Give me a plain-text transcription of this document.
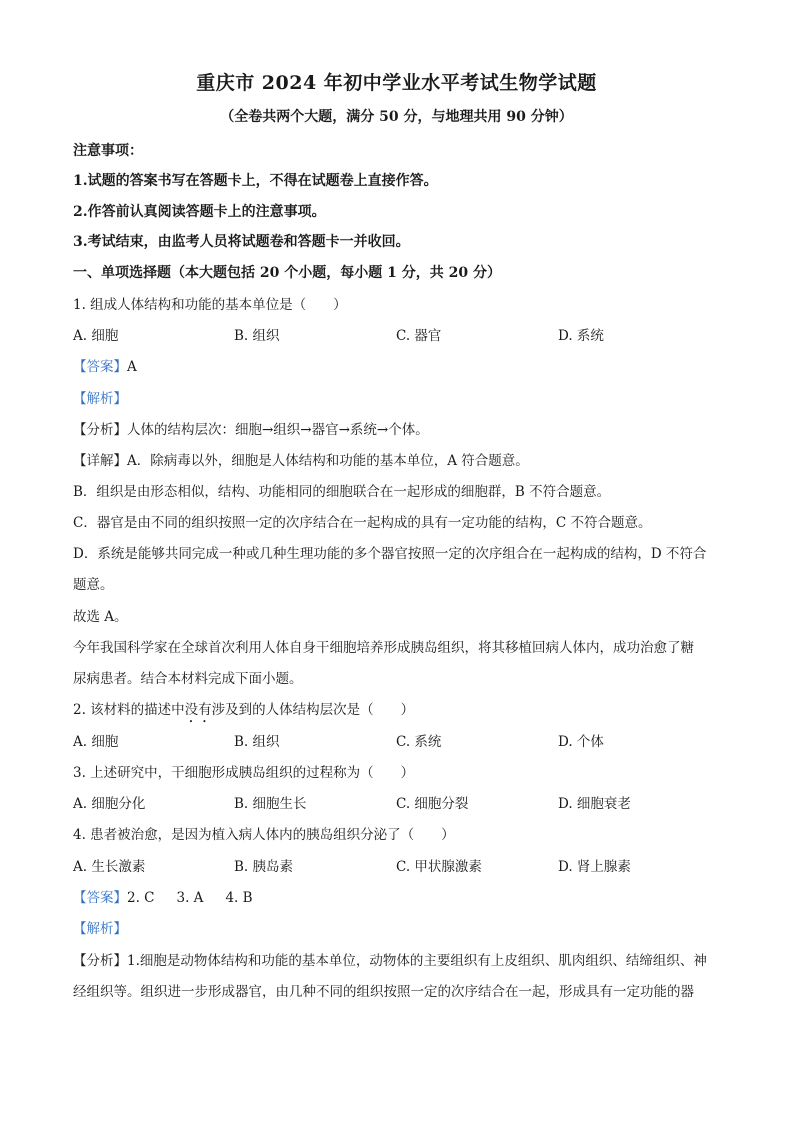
重庆市 2024 年初中学业水平考试生物学试题
（全卷共两个大题，满分 50 分，与地理共用 90 分钟）
注意事项：
1.试题的答案书写在答题卡上，不得在试题卷上直接作答。
2.作答前认真阅读答题卡上的注意事项。
3.考试结束，由监考人员将试题卷和答题卡一并收回。
一、单项选择题（本大题包括 20 个小题，每小题 1 分，共 20 分）
1. 组成人体结构和功能的基本单位是（　　）
A. 细胞	B. 组织	C. 器官	D. 系统
【答案】A
【解析】
【分析】人体的结构层次：细胞→组织→器官→系统→个体。
【详解】A．除病毒以外，细胞是人体结构和功能的基本单位，A 符合题意。
B．组织是由形态相似，结构、功能相同的细胞联合在一起形成的细胞群，B 不符合题意。
C．器官是由不同的组织按照一定的次序结合在一起构成的具有一定功能的结构，C 不符合题意。
D．系统是能够共同完成一种或几种生理功能的多个器官按照一定的次序组合在一起构成的结构，D 不符合
题意。
故选 A。
今年我国科学家在全球首次利用人体自身干细胞培养形成胰岛组织，将其移植回病人体内，成功治愈了糖
尿病患者。结合本材料完成下面小题。
2. 该材料的描述中没有涉及到的人体结构层次是（　　）
A. 细胞	B. 组织	C. 系统	D. 个体
3. 上述研究中，干细胞形成胰岛组织的过程称为（　　）
A. 细胞分化	B. 细胞生长	C. 细胞分裂	D. 细胞衰老
4. 患者被治愈，是因为植入病人体内的胰岛组织分泌了（　　）
A. 生长激素	B. 胰岛素	C. 甲状腺激素	D. 肾上腺素
【答案】2. C 3. A 4. B
【解析】
【分析】1.细胞是动物体结构和功能的基本单位，动物体的主要组织有上皮组织、肌肉组织、结缔组织、神
经组织等。组织进一步形成器官，由几种不同的组织按照一定的次序结合在一起，形成具有一定功能的器
